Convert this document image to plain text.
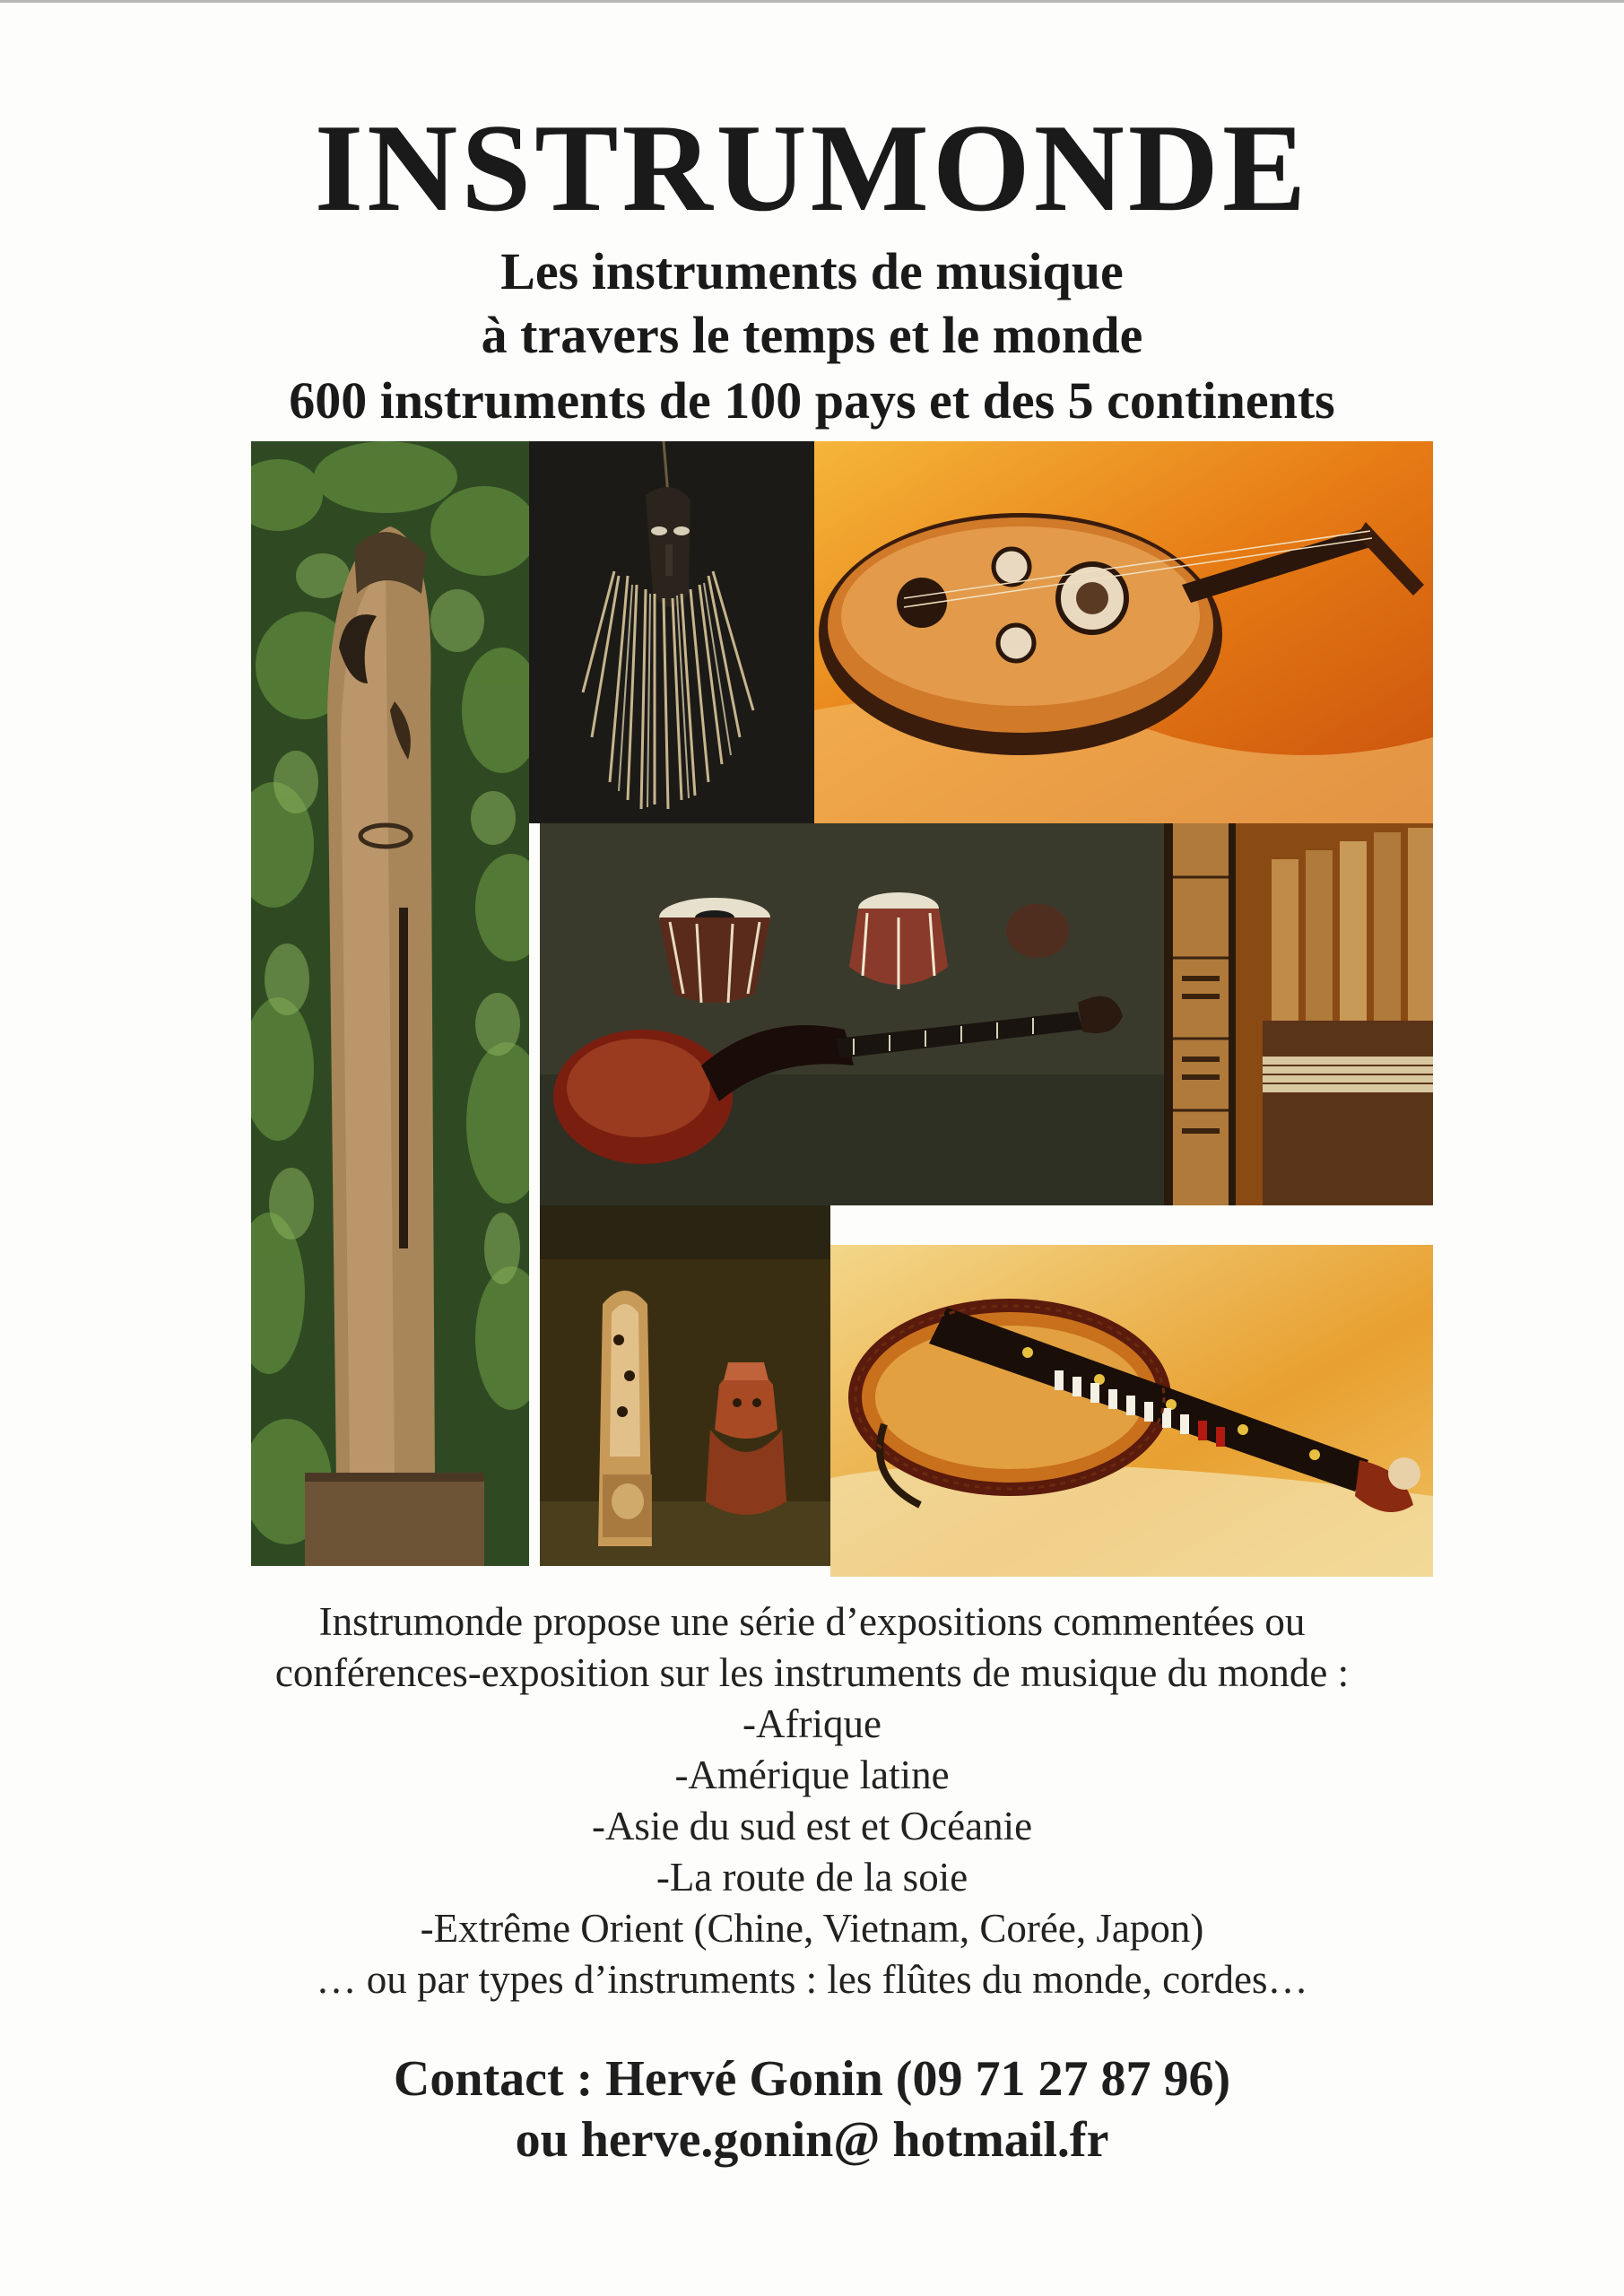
INSTRUMONDE
Les instruments de musique
à travers le temps et le monde
600 instruments de 100 pays et des 5 continents
Instrumonde propose une série d’expositions commentées ou
conférences-exposition sur les instruments de musique du monde :
-Afrique
-Amérique latine
-Asie du sud est et Océanie
-La route de la soie
-Extrême Orient (Chine, Vietnam, Corée, Japon)
… ou par types d’instruments : les flûtes du monde, cordes…
Contact : Hervé Gonin (09 71 27 87 96)
ou herve.gonin@ hotmail.fr
